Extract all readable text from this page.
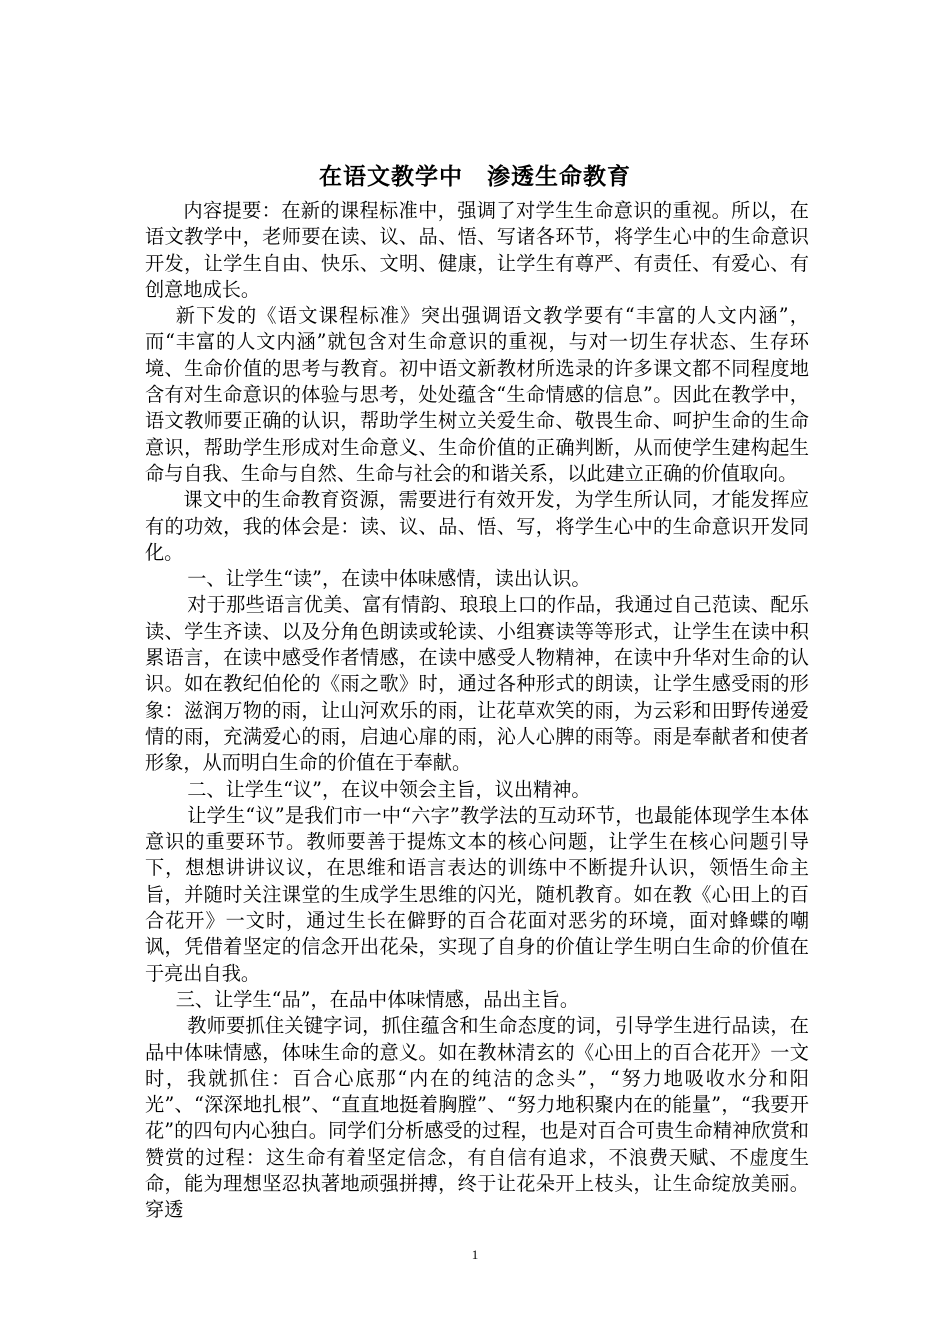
在语文教学中　渗透生命教育

内容提要：在新的课程标准中，强调了对学生生命意识的重视。所以，在语文教学中，老师要在读、议、品、悟、写诸各环节，将学生心中的生命意识开发，让学生自由、快乐、文明、健康，让学生有尊严、有责任、有爱心、有创意地成长。

新下发的《语文课程标准》突出强调语文教学要有“丰富的人文内涵”，而“丰富的人文内涵”就包含对生命意识的重视，与对一切生存状态、生存环境、生命价值的思考与教育。初中语文新教材所选录的许多课文都不同程度地含有对生命意识的体验与思考，处处蕴含“生命情感的信息”。因此在教学中，语文教师要正确的认识，帮助学生树立关爱生命、敬畏生命、呵护生命的生命意识，帮助学生形成对生命意义、生命价值的正确判断，从而使学生建构起生命与自我、生命与自然、生命与社会的和谐关系，以此建立正确的价值取向。

课文中的生命教育资源，需要进行有效开发，为学生所认同，才能发挥应有的功效，我的体会是：读、议、品、悟、写，将学生心中的生命意识开发同化。

一、让学生“读”，在读中体味感情，读出认识。

对于那些语言优美、富有情韵、琅琅上口的作品，我通过自己范读、配乐读、学生齐读、以及分角色朗读或轮读、小组赛读等等形式，让学生在读中积累语言，在读中感受作者情感，在读中感受人物精神，在读中升华对生命的认识。如在教纪伯伦的《雨之歌》时，通过各种形式的朗读，让学生感受雨的形象：滋润万物的雨，让山河欢乐的雨，让花草欢笑的雨，为云彩和田野传递爱情的雨，充满爱心的雨，启迪心扉的雨，沁人心脾的雨等。雨是奉献者和使者形象，从而明白生命的价值在于奉献。

二、让学生“议”，在议中领会主旨，议出精神。

让学生“议”是我们市一中“六字”教学法的互动环节，也最能体现学生本体意识的重要环节。教师要善于提炼文本的核心问题，让学生在核心问题引导下，想想讲讲议议，在思维和语言表达的训练中不断提升认识，领悟生命主旨，并随时关注课堂的生成学生思维的闪光，随机教育。如在教《心田上的百合花开》一文时，通过生长在僻野的百合花面对恶劣的环境，面对蜂蝶的嘲讽，凭借着坚定的信念开出花朵，实现了自身的价值让学生明白生命的价值在于亮出自我。

三、让学生“品”，在品中体味情感，品出主旨。

教师要抓住关键字词，抓住蕴含和生命态度的词，引导学生进行品读，在品中体味情感，体味生命的意义。如在教林清玄的《心田上的百合花开》一文时，我就抓住：百合心底那“内在的纯洁的念头”，“努力地吸收水分和阳光”、“深深地扎根”、“直直地挺着胸膛”、“努力地积聚内在的能量”，“我要开花”的四句内心独白。同学们分析感受的过程，也是对百合可贵生命精神欣赏和赞赏的过程：这生命有着坚定信念，有自信有追求，不浪费天赋、不虚度生命，能为理想坚忍执著地顽强拼搏，终于让花朵开上枝头，让生命绽放美丽。穿透

1
